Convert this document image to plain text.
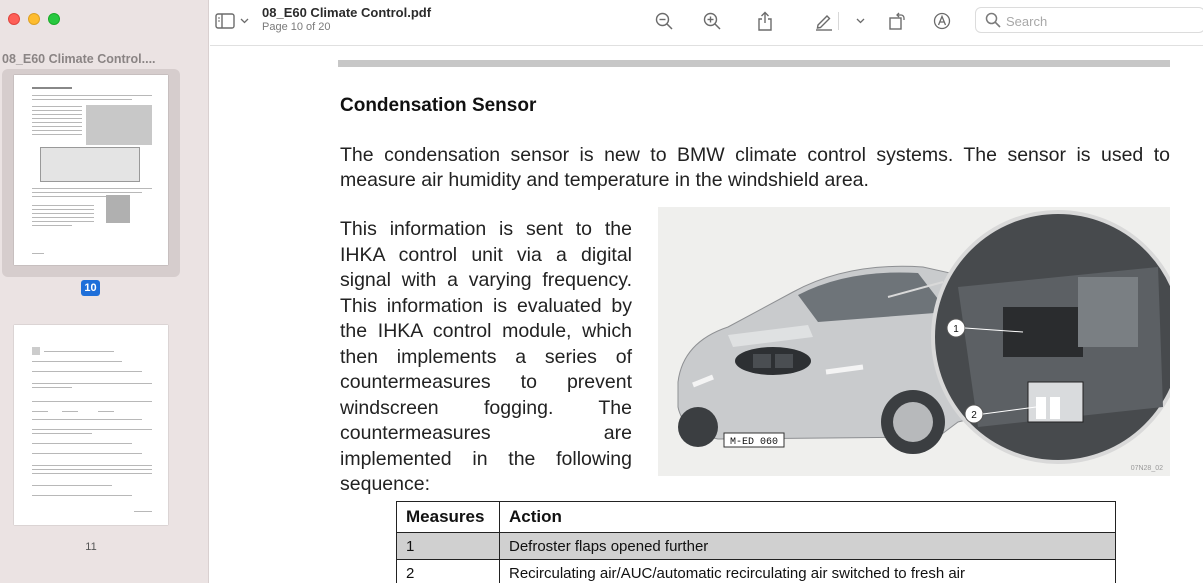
08_E60 Climate Control....
10
11
08_E60 Climate Control.pdf
Page 10 of 20
Search
Condensation Sensor
The condensation sensor is new to BMW climate control systems. The sensor is used to measure air humidity and temperature in the windshield area.
This information is sent to the IHKA control unit via a digital signal with a varying frequency. This information is evaluated by the IHKA control module, which then implements a series of countermeasures to prevent windscreen fogging. The countermeasures are implemented in the following sequence:
M-ED 060
1
2
07N28_02
Measures	Action
1	Defroster flaps opened further
2	Recirculating air/AUC/automatic recirculating air switched to fresh air
